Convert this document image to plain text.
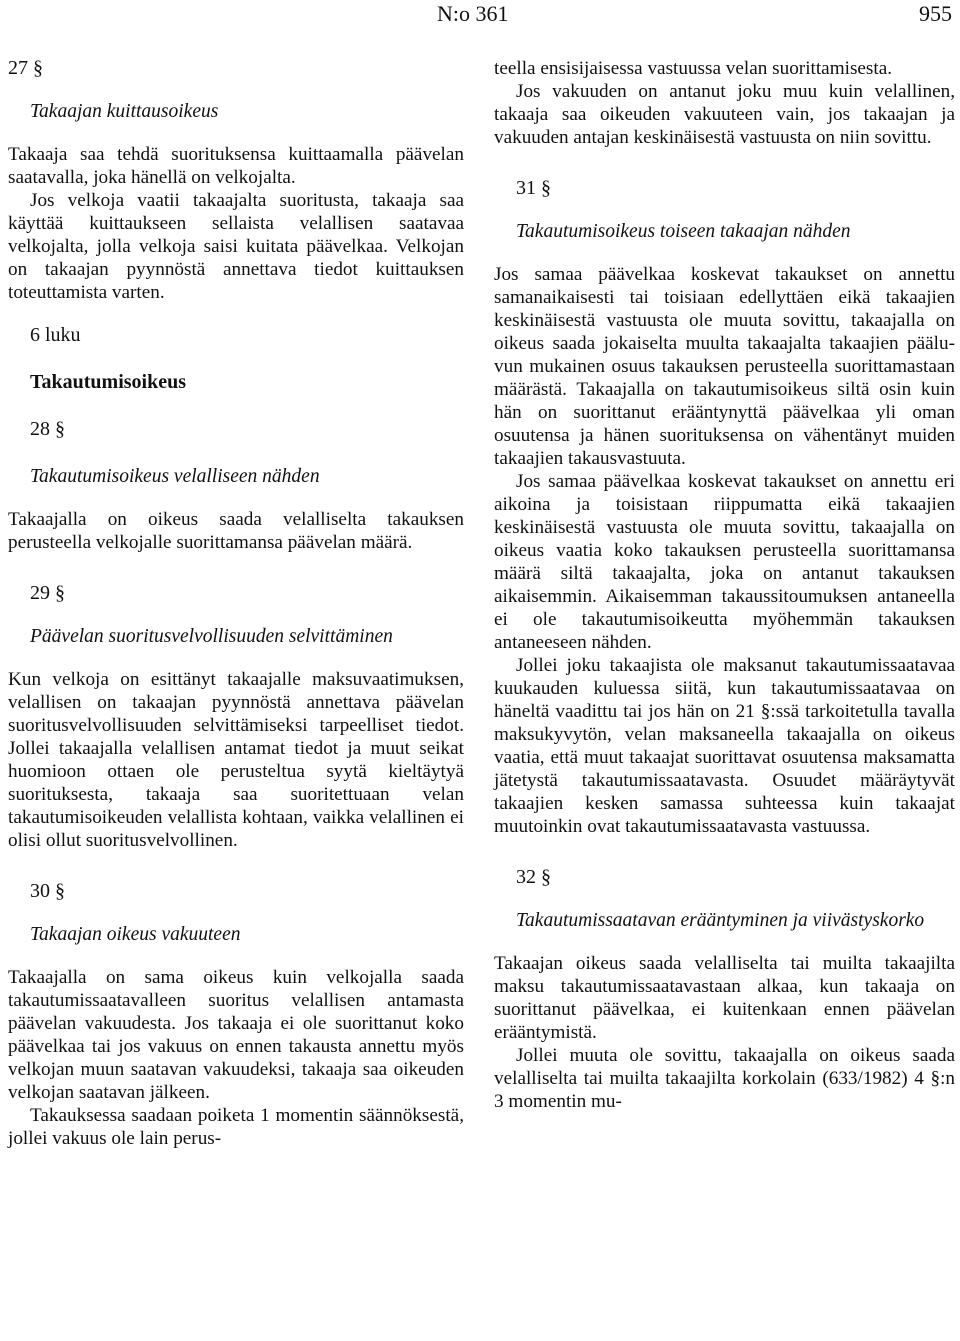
N:o 361	955

27 §

Takaajan kuittausoikeus

Takaaja saa tehdä suorituksensa kuittaamalla päävelan saatavalla, joka hänellä on velkojalta.

Jos velkoja vaatii takaajalta suoritusta, takaaja saa käyttää kuittaukseen sellaista velallisen saatavaa velkojalta, jolla velkoja saisi kuitata päävelkaa. Velkojan on takaajan pyynnöstä annettava tiedot kuittauksen toteuttamista varten.

6 luku

Takautumisoikeus

28 §

Takautumisoikeus velalliseen nähden

Takaajalla on oikeus saada velalliselta takauksen perusteella velkojalle suorittamansa päävelan määrä.

29 §

Päävelan suoritusvelvollisuuden selvittäminen

Kun velkoja on esittänyt takaajalle maksuvaatimuksen, velallisen on takaajan pyynnöstä annettava päävelan suoritusvelvollisuuden selvittämiseksi tarpeelliset tiedot. Jollei takaajalla velallisen antamat tiedot ja muut seikat huomioon ottaen ole perusteltua syytä kieltäytyä suorituksesta, takaaja saa suoritettuaan velan takautumisoikeuden velallista kohtaan, vaikka velallinen ei olisi ollut suoritusvelvollinen.

30 §

Takaajan oikeus vakuuteen

Takaajalla on sama oikeus kuin velkojalla saada takautumissaatavalleen suoritus velallisen antamasta päävelan vakuudesta. Jos takaaja ei ole suorittanut koko päävelkaa tai jos vakuus on ennen takausta annettu myös velkojan muun saatavan vakuudeksi, takaaja saa oikeuden velkojan saatavan jälkeen.

Takauksessa saadaan poiketa 1 momentin säännöksestä, jollei vakuus ole lain perus-

teella ensisijaisessa vastuussa velan suorittamisesta.

Jos vakuuden on antanut joku muu kuin velallinen, takaaja saa oikeuden vakuuteen vain, jos takaajan ja vakuuden antajan keskinäisestä vastuusta on niin sovittu.

31 §

Takautumisoikeus toiseen takaajan nähden

Jos samaa päävelkaa koskevat takaukset on annettu samanaikaisesti tai toisiaan edellyttäen eikä takaajien keskinäisestä vastuusta ole muuta sovittu, takaajalla on oikeus saada jokaiselta muulta takaajalta takaajien pääluvun mukainen osuus takauksen perusteella suorittamastaan määrästä. Takaajalla on takautumisoikeus siltä osin kuin hän on suorittanut erääntynyttä päävelkaa yli oman osuutensa ja hänen suorituksensa on vähentänyt muiden takaajien takausvastuuta.

Jos samaa päävelkaa koskevat takaukset on annettu eri aikoina ja toisistaan riippumatta eikä takaajien keskinäisestä vastuusta ole muuta sovittu, takaajalla on oikeus vaatia koko takauksen perusteella suorittamansa määrä siltä takaajalta, joka on antanut takauksen aikaisemmin. Aikaisemman takaussitoumuksen antaneella ei ole takautumisoikeutta myöhemmän takauksen antaneeseen nähden.

Jollei joku takaajista ole maksanut takautumissaatavaa kuukauden kuluessa siitä, kun takautumissaatavaa on häneltä vaadittu tai jos hän on 21 §:ssä tarkoitetulla tavalla maksukyvytön, velan maksaneella takaajalla on oikeus vaatia, että muut takaajat suorittavat osuutensa maksamatta jätetystä takautumissaatavasta. Osuudet määräytyvät takaajien kesken samassa suhteessa kuin takaajat muutoinkin ovat takautumissaatavasta vastuussa.

32 §

Takautumissaatavan erääntyminen ja viivästyskorko

Takaajan oikeus saada velalliselta tai muilta takaajilta maksu takautumissaatavastaan alkaa, kun takaaja on suorittanut päävelkaa, ei kuitenkaan ennen päävelan erääntymistä.

Jollei muuta ole sovittu, takaajalla on oikeus saada velalliselta tai muilta takaajilta korkolain (633/1982) 4 §:n 3 momentin mu-
